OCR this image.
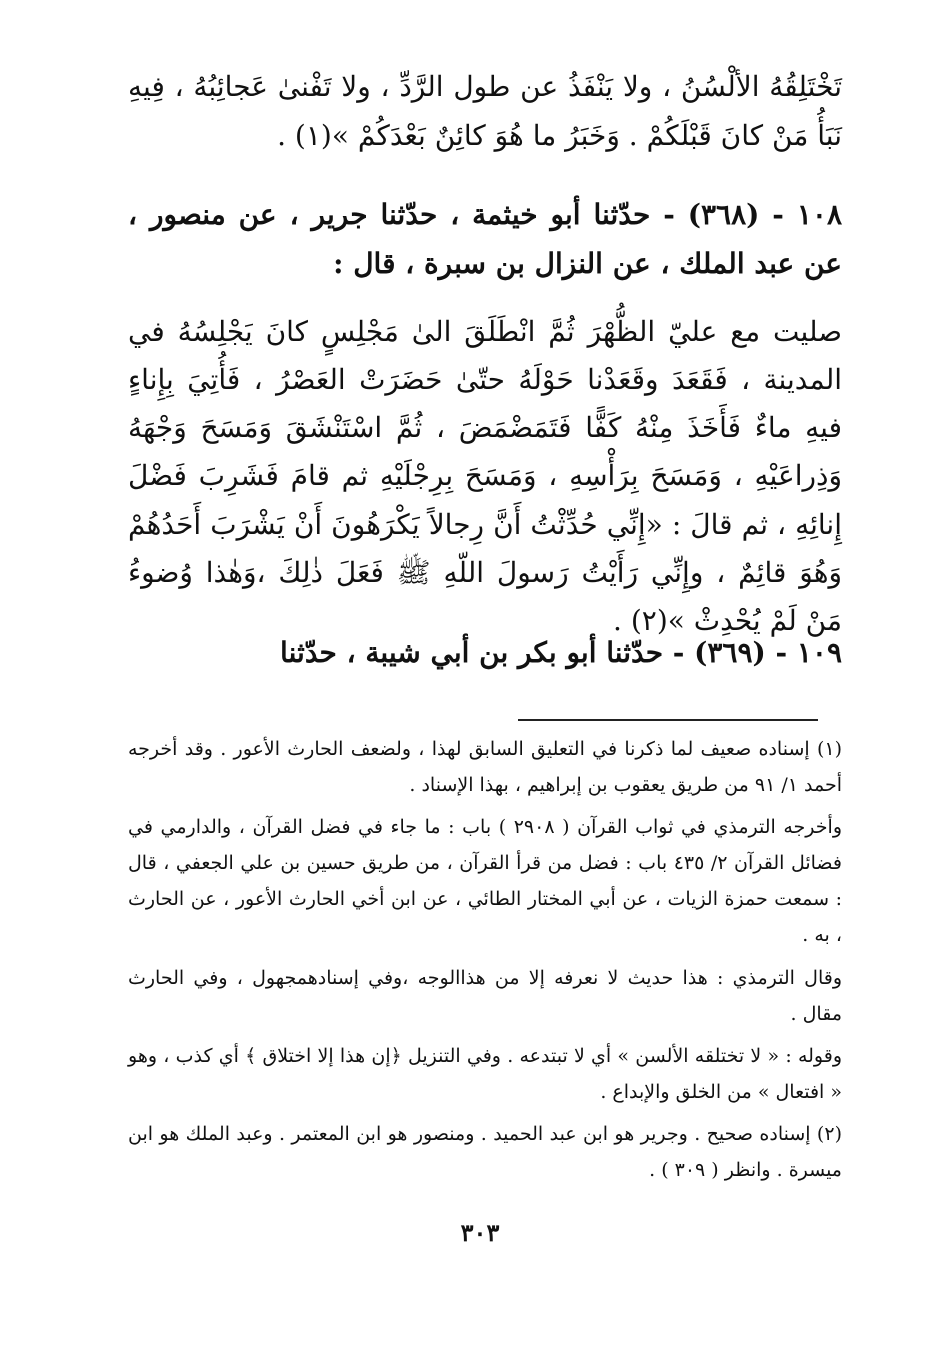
تَخْتَلِقُهُ الألْسُنُ ، ولا يَنْفَذُ عن طول الرَّدِّ ، ولا تَفْنىٰ عَجائِبُهُ ، فِيهِ نَبَأُ مَنْ كانَ قَبْلَكُمْ . وَخَبَرُ ما هُوَ كائِنٌ بَعْدَكُمْ »(١) .
١٠٨ - (٣٦٨) - حدّثنا أبو خيثمة ، حدّثنا جرير ، عن منصور ، عن عبد الملك ، عن النزال بن سبرة ، قال :
صليت مع عليّ الظُّهْرَ ثُمَّ انْطَلَقَ الىٰ مَجْلِسٍ كانَ يَجْلِسُهُ في المدينة ، فَقَعَدَ وقَعَدْنا حَوْلَهُ حتّىٰ حَضَرَتْ العَصْرُ ، فَأُتِيَ بِإِناءٍ فيهِ ماءٌ فَأَخَذَ مِنْهُ كَفًّا فَتَمَضْمَضَ ، ثُمَّ اسْتَنْشَقَ وَمَسَحَ وَجْهَهُ وَذِراعَيْهِ ، وَمَسَحَ بِرَأْسِهِ ، وَمَسَحَ بِرِجْلَيْهِ ثم قامَ فَشَرِبَ فَضْلَ إِنائِهِ ، ثم قالَ : «إِنِّي حُدِّثْتُ أَنَّ رِجالاً يَكْرَهُونَ أَنْ يَشْرَبَ أَحَدُهُمْ وَهُوَ قائِمٌ ، وإِنِّي رَأَيْتُ رَسولَ اللّهِ ﷺ فَعَلَ ذٰلِكَ ،وَهٰذا وُضوءُ مَنْ لَمْ يُحْدِثْ »(٢) .
١٠٩ - (٣٦٩) - حدّثنا أبو بكر بن أبي شيبة ، حدّثنا

(١) إسناده صعيف لما ذكرنا في التعليق السابق لهذا ، ولضعف الحارث الأعور . وقد أخرجه أحمد ١/ ٩١ من طريق يعقوب بن إبراهيم ، بهذا الإسناد .

وأخرجه الترمذي في ثواب القرآن ( ٢٩٠٨ ) باب : ما جاء في فضل القرآن ، والدارمي في فضائل القرآن ٢/ ٤٣٥ باب : فضل من قرأ القرآن ، من طريق حسين بن علي الجعفي ، قال : سمعت حمزة الزيات ، عن أبي المختار الطائي ، عن ابن أخي الحارث الأعور ، عن الحارث ، به .

وقال الترمذي : هذا حديث لا نعرفه إلا من هذاالوجه ،وفي إسنادهمجهول ، وفي الحارث مقال .

وقوله : « لا تختلقه الألسن » أي لا تبتدعه . وفي التنزيل ﴿إن هذا إلا اختلاق ﴾ أي كذب ، وهو « افتعال » من الخلق والإبداع .

(٢) إسناده صحيح . وجرير هو ابن عبد الحميد . ومنصور هو ابن المعتمر . وعبد الملك هو ابن ميسرة . وانظر ( ٣٠٩ ) .

٣٠٣
